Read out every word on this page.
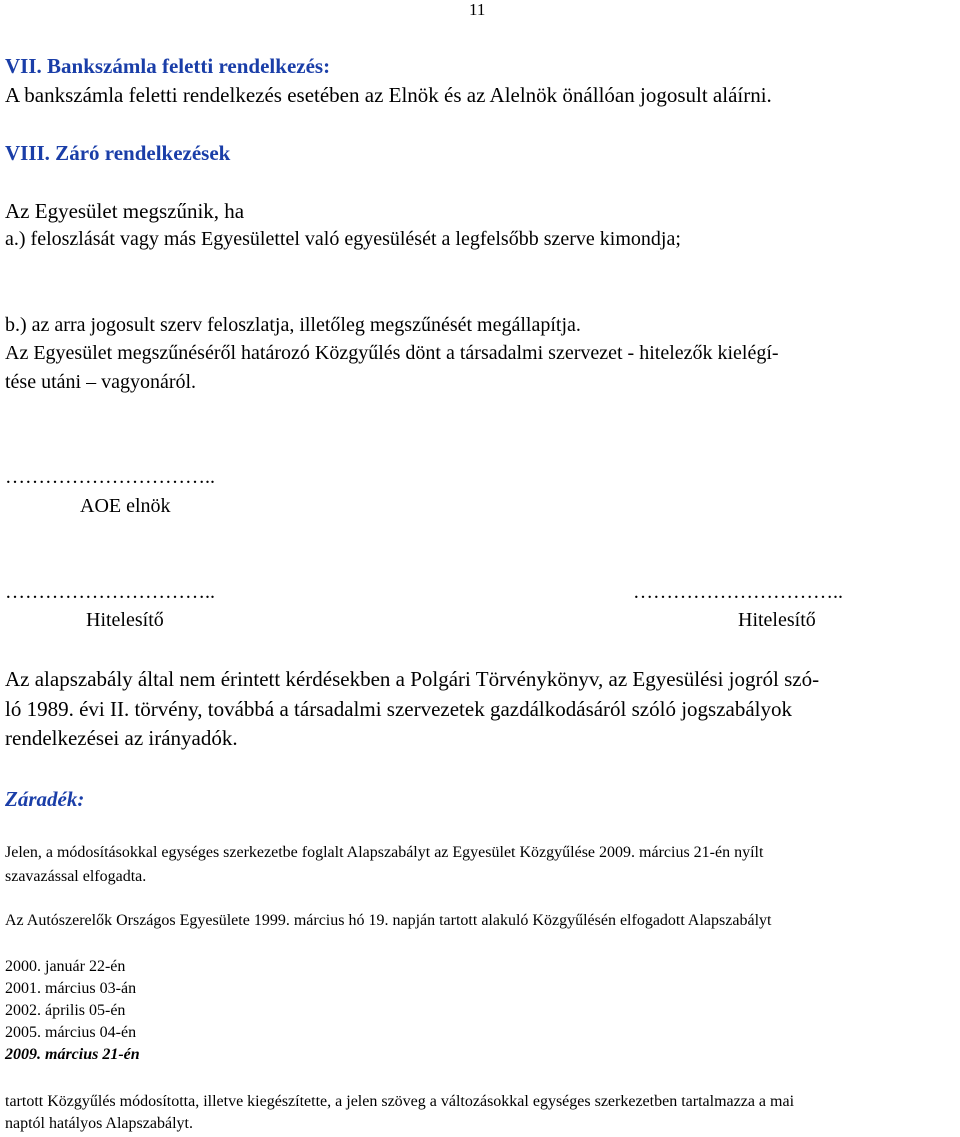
11
VII. Bankszámla feletti rendelkezés:
A bankszámla feletti rendelkezés esetében az Elnök és az Alelnök önállóan jogosult aláírni.
VIII. Záró rendelkezések
Az Egyesület megszűnik, ha
a.) feloszlását vagy más Egyesülettel való egyesülését a legfelsőbb szerve kimondja;
b.) az arra jogosult szerv feloszlatja, illetőleg megszűnését megállapítja.
Az Egyesület megszűnéséről határozó Közgyűlés dönt a társadalmi szervezet - hitelezők kielégí-
tése utáni – vagyonáról.
…………………………..
AOE elnök
…………………………..
Hitelesítő
…………………………..
Hitelesítő
Az alapszabály által nem érintett kérdésekben a Polgári Törvénykönyv, az Egyesülési jogról szó-
ló 1989. évi II. törvény, továbbá a társadalmi szervezetek gazdálkodásáról szóló jogszabályok
rendelkezései az irányadók.
Záradék:
Jelen, a módosításokkal egységes szerkezetbe foglalt Alapszabályt az Egyesület Közgyűlése 2009. március 21-én nyílt
szavazással elfogadta.
Az Autószerelők Országos Egyesülete 1999. március hó 19. napján tartott alakuló Közgyűlésén elfogadott Alapszabályt
2000. január 22-én
2001. március 03-án
2002. április 05-én
2005. március 04-én
2009. március 21-én
tartott Közgyűlés módosította, illetve kiegészítette, a jelen szöveg a változásokkal egységes szerkezetben tartalmazza a mai
naptól hatályos Alapszabályt.
